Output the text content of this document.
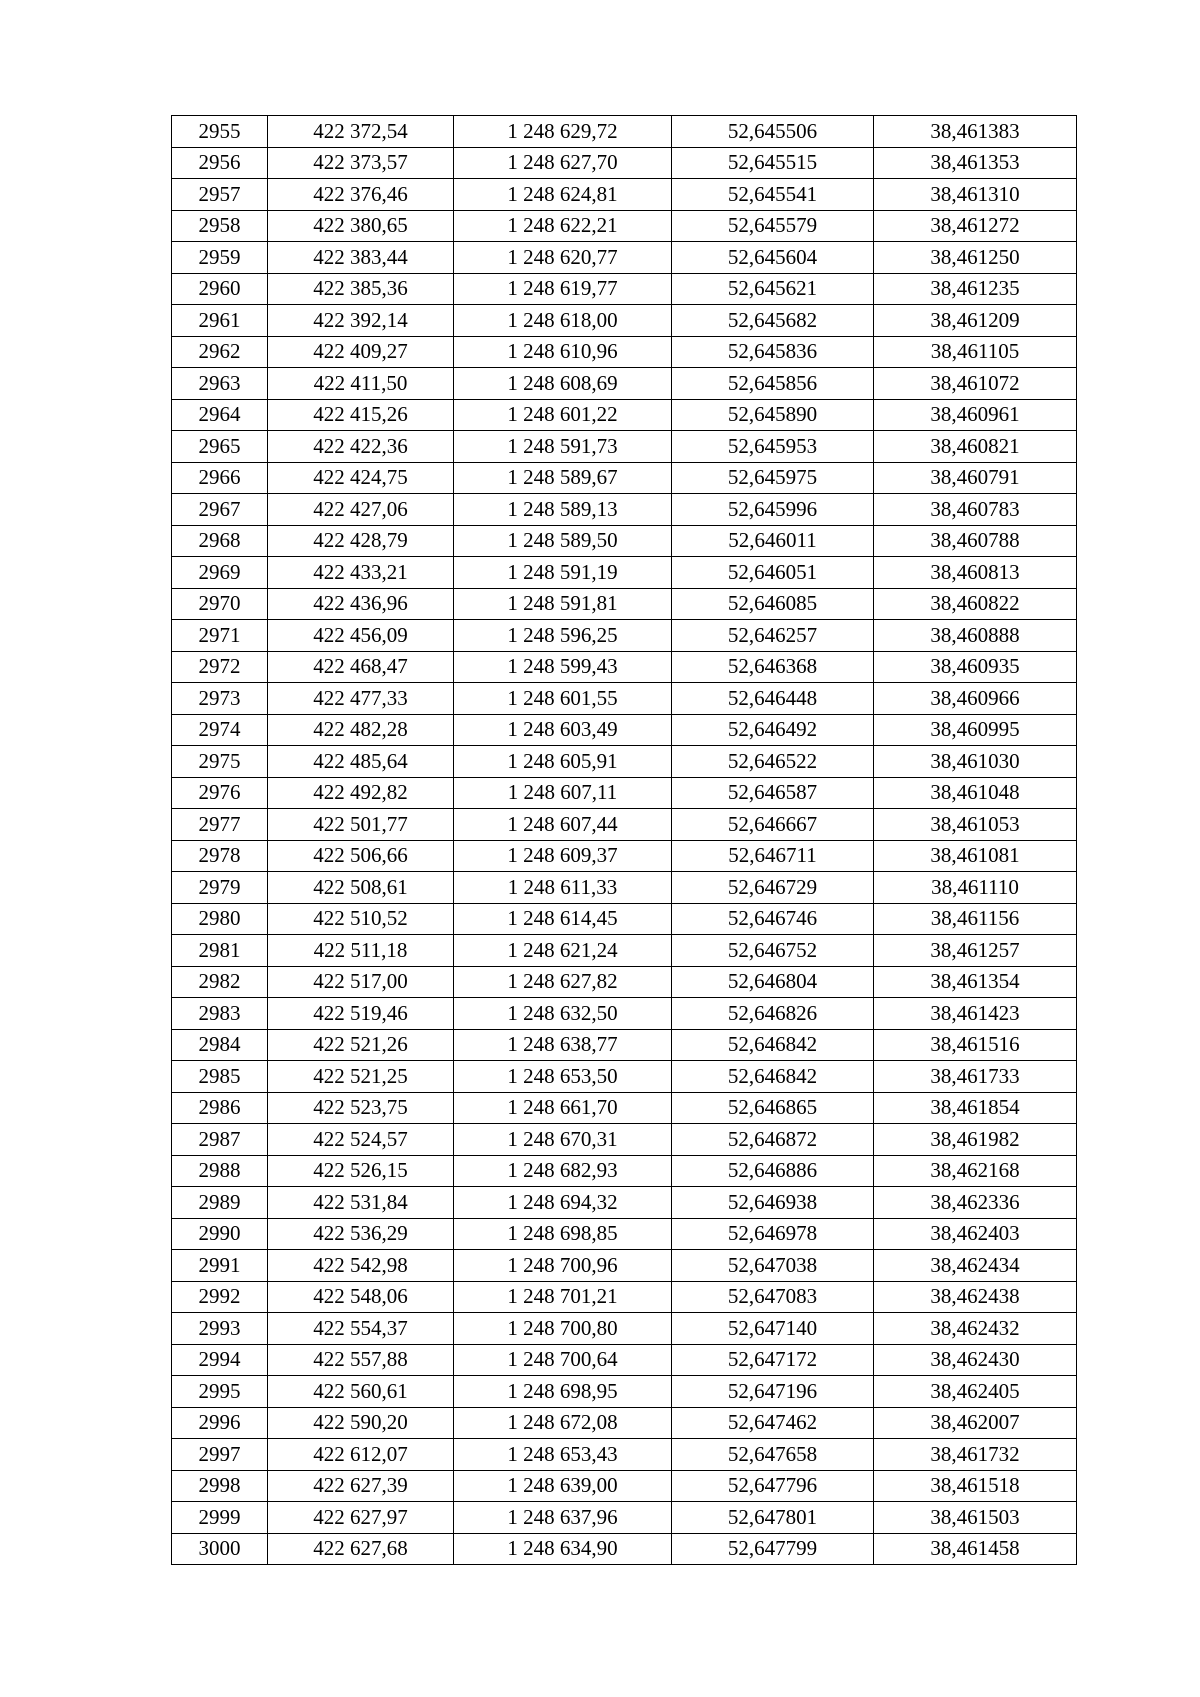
2955	422 372,54	1 248 629,72	52,645506	38,461383
2956	422 373,57	1 248 627,70	52,645515	38,461353
2957	422 376,46	1 248 624,81	52,645541	38,461310
2958	422 380,65	1 248 622,21	52,645579	38,461272
2959	422 383,44	1 248 620,77	52,645604	38,461250
2960	422 385,36	1 248 619,77	52,645621	38,461235
2961	422 392,14	1 248 618,00	52,645682	38,461209
2962	422 409,27	1 248 610,96	52,645836	38,461105
2963	422 411,50	1 248 608,69	52,645856	38,461072
2964	422 415,26	1 248 601,22	52,645890	38,460961
2965	422 422,36	1 248 591,73	52,645953	38,460821
2966	422 424,75	1 248 589,67	52,645975	38,460791
2967	422 427,06	1 248 589,13	52,645996	38,460783
2968	422 428,79	1 248 589,50	52,646011	38,460788
2969	422 433,21	1 248 591,19	52,646051	38,460813
2970	422 436,96	1 248 591,81	52,646085	38,460822
2971	422 456,09	1 248 596,25	52,646257	38,460888
2972	422 468,47	1 248 599,43	52,646368	38,460935
2973	422 477,33	1 248 601,55	52,646448	38,460966
2974	422 482,28	1 248 603,49	52,646492	38,460995
2975	422 485,64	1 248 605,91	52,646522	38,461030
2976	422 492,82	1 248 607,11	52,646587	38,461048
2977	422 501,77	1 248 607,44	52,646667	38,461053
2978	422 506,66	1 248 609,37	52,646711	38,461081
2979	422 508,61	1 248 611,33	52,646729	38,461110
2980	422 510,52	1 248 614,45	52,646746	38,461156
2981	422 511,18	1 248 621,24	52,646752	38,461257
2982	422 517,00	1 248 627,82	52,646804	38,461354
2983	422 519,46	1 248 632,50	52,646826	38,461423
2984	422 521,26	1 248 638,77	52,646842	38,461516
2985	422 521,25	1 248 653,50	52,646842	38,461733
2986	422 523,75	1 248 661,70	52,646865	38,461854
2987	422 524,57	1 248 670,31	52,646872	38,461982
2988	422 526,15	1 248 682,93	52,646886	38,462168
2989	422 531,84	1 248 694,32	52,646938	38,462336
2990	422 536,29	1 248 698,85	52,646978	38,462403
2991	422 542,98	1 248 700,96	52,647038	38,462434
2992	422 548,06	1 248 701,21	52,647083	38,462438
2993	422 554,37	1 248 700,80	52,647140	38,462432
2994	422 557,88	1 248 700,64	52,647172	38,462430
2995	422 560,61	1 248 698,95	52,647196	38,462405
2996	422 590,20	1 248 672,08	52,647462	38,462007
2997	422 612,07	1 248 653,43	52,647658	38,461732
2998	422 627,39	1 248 639,00	52,647796	38,461518
2999	422 627,97	1 248 637,96	52,647801	38,461503
3000	422 627,68	1 248 634,90	52,647799	38,461458
